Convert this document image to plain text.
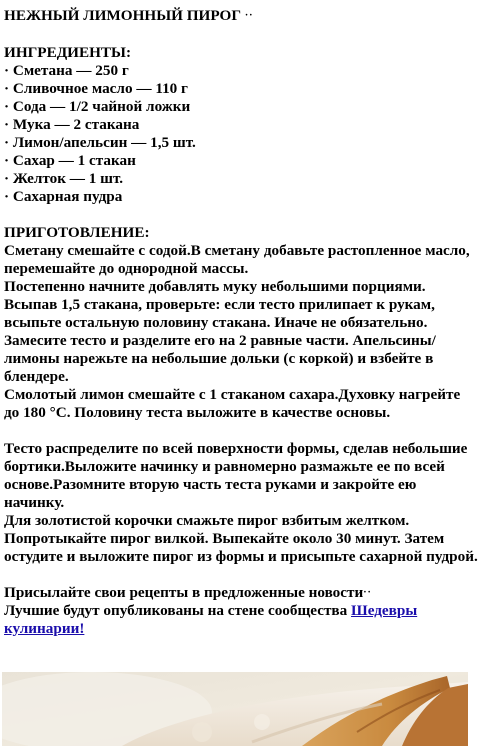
НЕЖНЫЙ ЛИМОННЫЙ ПИРОГ ··

ИНГРЕДИЕНТЫ:

· Сметана — 250 г
· Сливочное масло — 110 г
· Сода — 1/2 чайной ложки
· Мука — 2 стакана
· Лимон/апельсин — 1,5 шт.
· Сахар — 1 стакан
· Желток — 1 шт.
· Сахарная пудра

ПРИГОТОВЛЕНИЕ:

Сметану смешайте с содой.В сметану добавьте растопленное масло, перемешайте до однородной массы.

Постепенно начните добавлять муку небольшими порциями. Всыпав 1,5 стакана, проверьте: если тесто прилипает к рукам, всыпьте остальную половину стакана. Иначе не обязательно.

Замесите тесто и разделите его на 2 равные части. Апельсины/лимоны нарежьте на небольшие дольки (с коркой) и взбейте в блендере.

Смолотый лимон смешайте с 1 стаканом сахара.Духовку нагрейте до 180 °C. Половину теста выложите в качестве основы.

Тесто распределите по всей поверхности формы, сделав небольшие бортики.Выложите начинку и равномерно размажьте ее по всей основе.Разомните вторую часть теста руками и закройте ею начинку.

Для золотистой корочки смажьте пирог взбитым желтком. Попротыкайте пирог вилкой. Выпекайте около 30 минут. Затем остудите и выложите пирог из формы и присыпьте сахарной пудрой.

Присылайте свои рецепты в предложенные новости··

Лучшие будут опубликованы на стене сообщества Шедевры кулинарии!
